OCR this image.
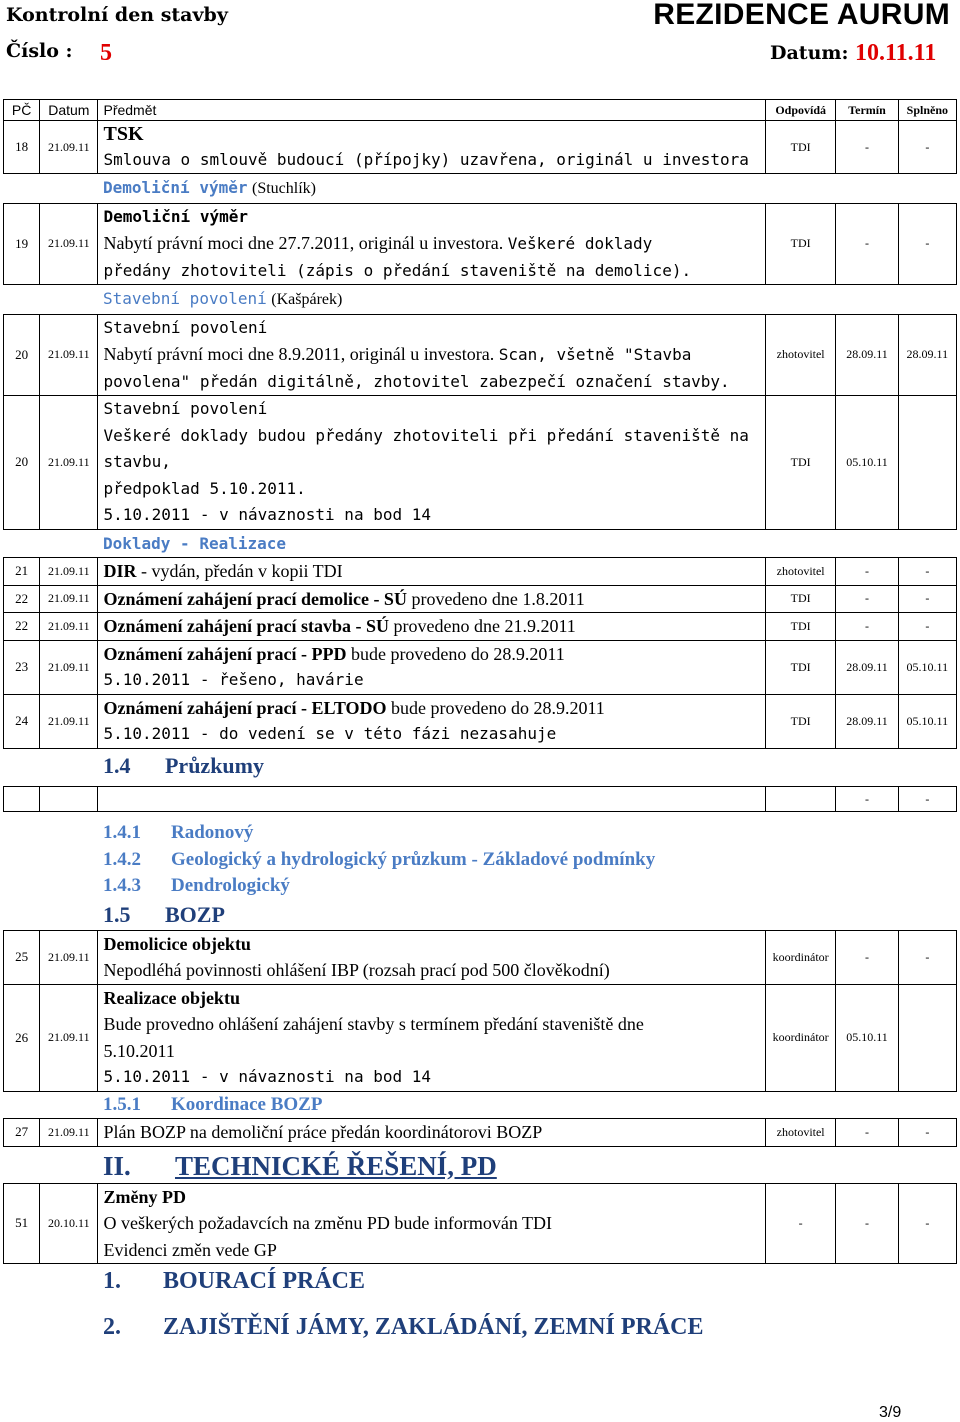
Kontrolní den stavby	REZIDENCE AURUM
Číslo : 5	Datum: 10.11.11
PČ	Datum	Předmět	Odpovídá	Termín	Splněno
18	21.09.11	TSK
Smlouva o smlouvě budoucí (přípojky) uzavřena, originál u investora	TDI	-	-
		Demoliční výměr (Stuchlík)			
19	21.09.11	Demoliční výměr
Nabytí právní moci dne 27.7.2011, originál u investora. Veškeré doklady
předány zhotoviteli (zápis o předání staveniště na demolice).	TDI	-	-
		Stavební povolení (Kašpárek)			
20	21.09.11	Stavební povolení
Nabytí právní moci dne 8.9.2011, originál u investora. Scan, všetně "Stavba
povolena" předán digitálně, zhotovitel zabezpečí označení stavby.	zhotovitel	28.09.11	28.09.11
20	21.09.11	Stavební povolení
Veškeré doklady budou předány zhotoviteli při předání staveniště na stavbu,
předpoklad 5.10.2011.
5.10.2011 - v návaznosti na bod 14	TDI	05.10.11	
		Doklady - Realizace			
21	21.09.11	DIR - vydán, předán v kopii TDI	zhotovitel	-	-
22	21.09.11	Oznámení zahájení prací demolice - SÚ provedeno dne 1.8.2011	TDI	-	-
22	21.09.11	Oznámení zahájení prací stavba - SÚ provedeno dne 21.9.2011	TDI	-	-
23	21.09.11	Oznámení zahájení prací - PPD bude provedeno do 28.9.2011
5.10.2011 - řešeno, havárie	TDI	28.09.11	05.10.11
24	21.09.11	Oznámení zahájení prací - ELTODO bude provedeno do 28.9.2011
5.10.2011 - do vedení se v této fázi nezasahuje	TDI	28.09.11	05.10.11

		1.4 Průzkumy			

				-	-

		1.4.1 Radonový
1.4.2 Geologický a hydrologický průzkum - Základové podmínky
1.4.3 Dendrologický
1.5 BOZP			

25	21.09.11	Demolicice objektu
Nepodléhá povinnosti ohlášení IBP (rozsah prací pod 500 člověkodní)	koordinátor	-	-
26	21.09.11	Realizace objektu
Bude provedno ohlášení zahájení stavby s termínem předání staveniště dne
5.10.2011
5.10.2011 - v návaznosti na bod 14	koordinátor	05.10.11	

		1.5.1 Koordinace BOZP			

27	21.09.11	Plán BOZP na demoliční práce předán koordinátorovi BOZP	zhotovitel	-	-

		II. TECHNICKÉ ŘEŠENÍ, PD			

51	20.10.11	Změny PD
O veškerých požadavcích na změnu PD bude informován TDI
Evidenci změn vede GP	-	-	-

		1. BOURACÍ PRÁCE
2. ZAJIŠTĚNÍ JÁMY, ZAKLÁDÁNÍ, ZEMNÍ PRÁCE			

3/9
